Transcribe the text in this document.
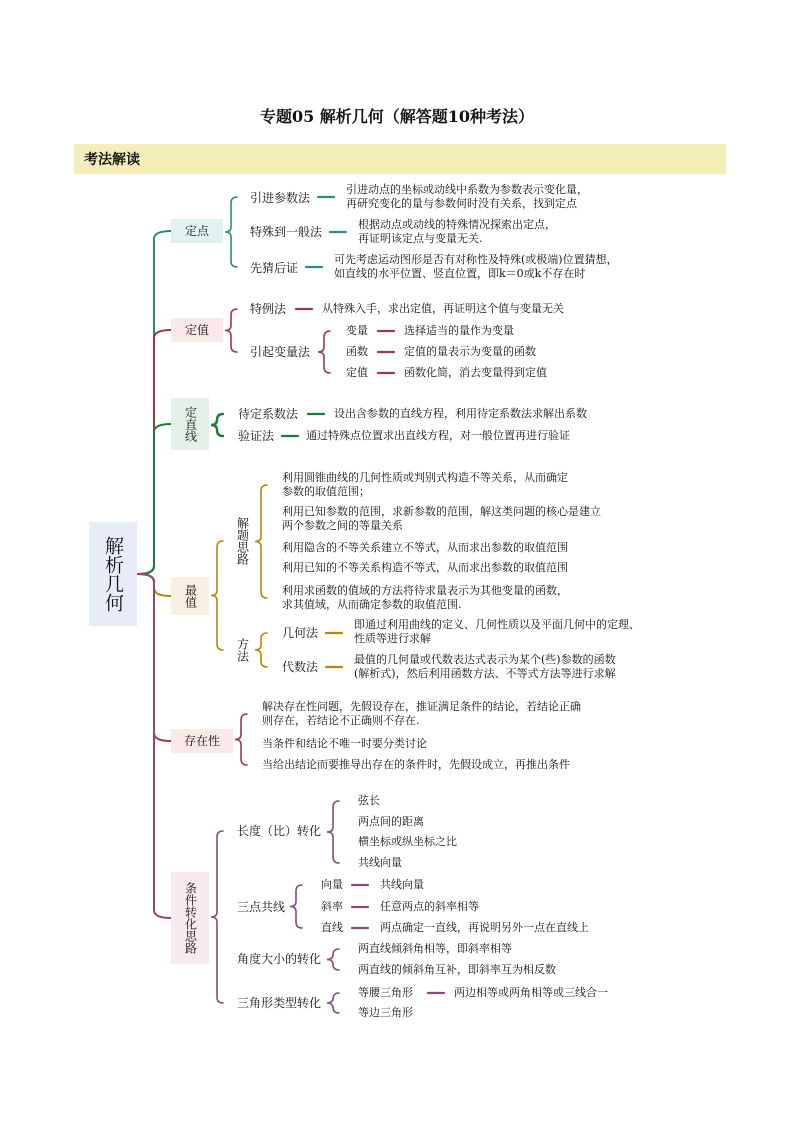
专题05 解析几何（解答题10种考法）
考法解读
解析几何
定点
引进参数法
引进动点的坐标或动线中系数为参数表示变化量，
再研究变化的量与参数何时没有关系，找到定点
特殊到一般法
根据动点或动线的特殊情况探索出定点，
再证明该定点与变量无关.
先猜后证
可先考虑运动图形是否有对称性及特殊(或极端)位置猜想，
如直线的水平位置、竖直位置，即k＝0或k不存在时
定值
特例法	从特殊入手，求出定值，再证明这个值与变量无关
引起变量法
变量	选择适当的量作为变量
函数	定值的量表示为变量的函数
定值	函数化简，消去变量得到定值
定直线	待定系数法	设出含参数的直线方程，利用待定系数法求解出系数
验证法	通过特殊点位置求出直线方程，对一般位置再进行验证
最值
解题思路
利用圆锥曲线的几何性质或判别式构造不等关系，从而确定
参数的取值范围；
利用已知参数的范围，求新参数的范围，解这类问题的核心是建立
两个参数之间的等量关系
利用隐含的不等关系建立不等式，从而求出参数的取值范围
利用已知的不等关系构造不等式，从而求出参数的取值范围
利用求函数的值域的方法将待求量表示为其他变量的函数，
求其值域，从而确定参数的取值范围.
方法
几何法
即通过利用曲线的定义、几何性质以及平面几何中的定理、
性质等进行求解
代数法
最值的几何量或代数表达式表示为某个(些)参数的函数
(解析式)，然后利用函数方法、不等式方法等进行求解
存在性
解决存在性问题，先假设存在，推证满足条件的结论，若结论正确
则存在，若结论不正确则不存在.
当条件和结论不唯一时要分类讨论
当给出结论而要推导出存在的条件时，先假设成立，再推出条件
条件转化思路
长度（比）转化
弦长
两点间的距离
横坐标或纵坐标之比
共线向量
三点共线
向量	共线向量
斜率	任意两点的斜率相等
直线	两点确定一直线，再说明另外一点在直线上
角度大小的转化
两直线倾斜角相等，即斜率相等
两直线的倾斜角互补，即斜率互为相反数
三角形类型转化
等腰三角形	两边相等或两角相等或三线合一
等边三角形
